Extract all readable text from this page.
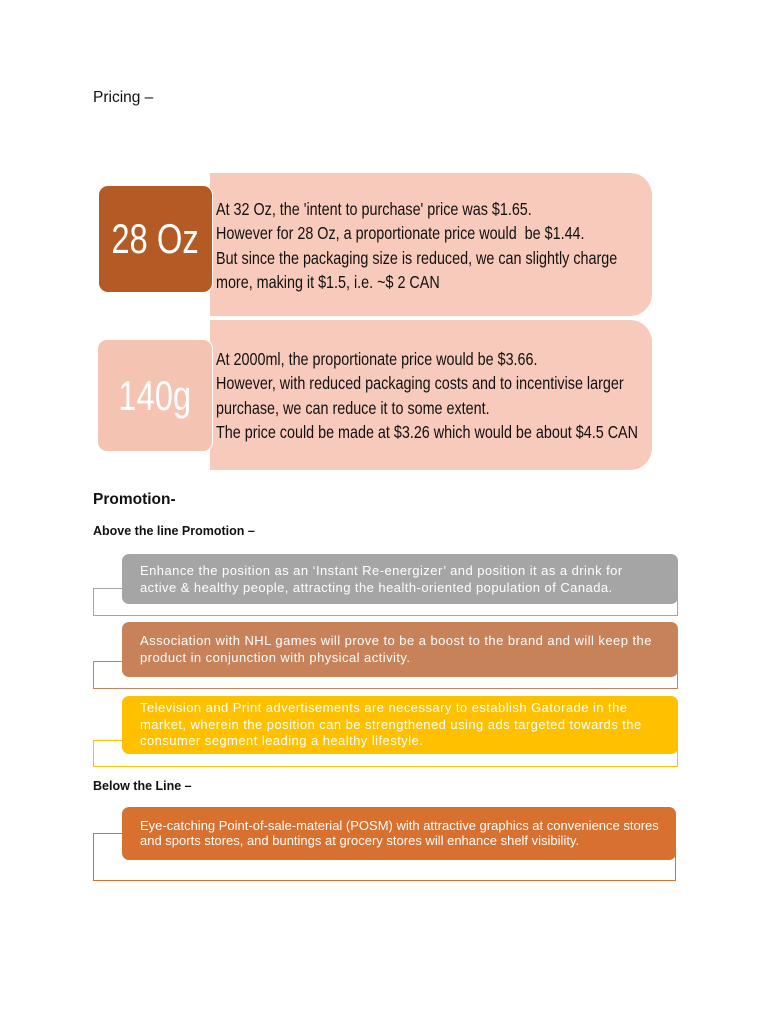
Pricing –
28 Oz
At 32 Oz, the 'intent to purchase' price was $1.65.
However for 28 Oz, a proportionate price would  be $1.44.
But since the packaging size is reduced, we can slightly charge
more, making it $1.5, i.e. ~$ 2 CAN
140g
At 2000ml, the proportionate price would be $3.66.
However, with reduced packaging costs and to incentivise larger
purchase, we can reduce it to some extent.
The price could be made at $3.26 which would be about $4.5 CAN
Promotion-
Above the line Promotion –
Enhance the position as an ‘Instant Re-energizer’ and position it as a drink for
active & healthy people, attracting the health-oriented population of Canada.
Association with NHL games will prove to be a boost to the brand and will keep the
product in conjunction with physical activity.
Television and Print advertisements are necessary to establish Gatorade in the
market, wherein the position can be strengthened using ads targeted towards the
consumer segment leading a healthy lifestyle.
Below the Line –
Eye-catching Point-of-sale-material (POSM) with attractive graphics at convenience stores
and sports stores, and buntings at grocery stores will enhance shelf visibility.
